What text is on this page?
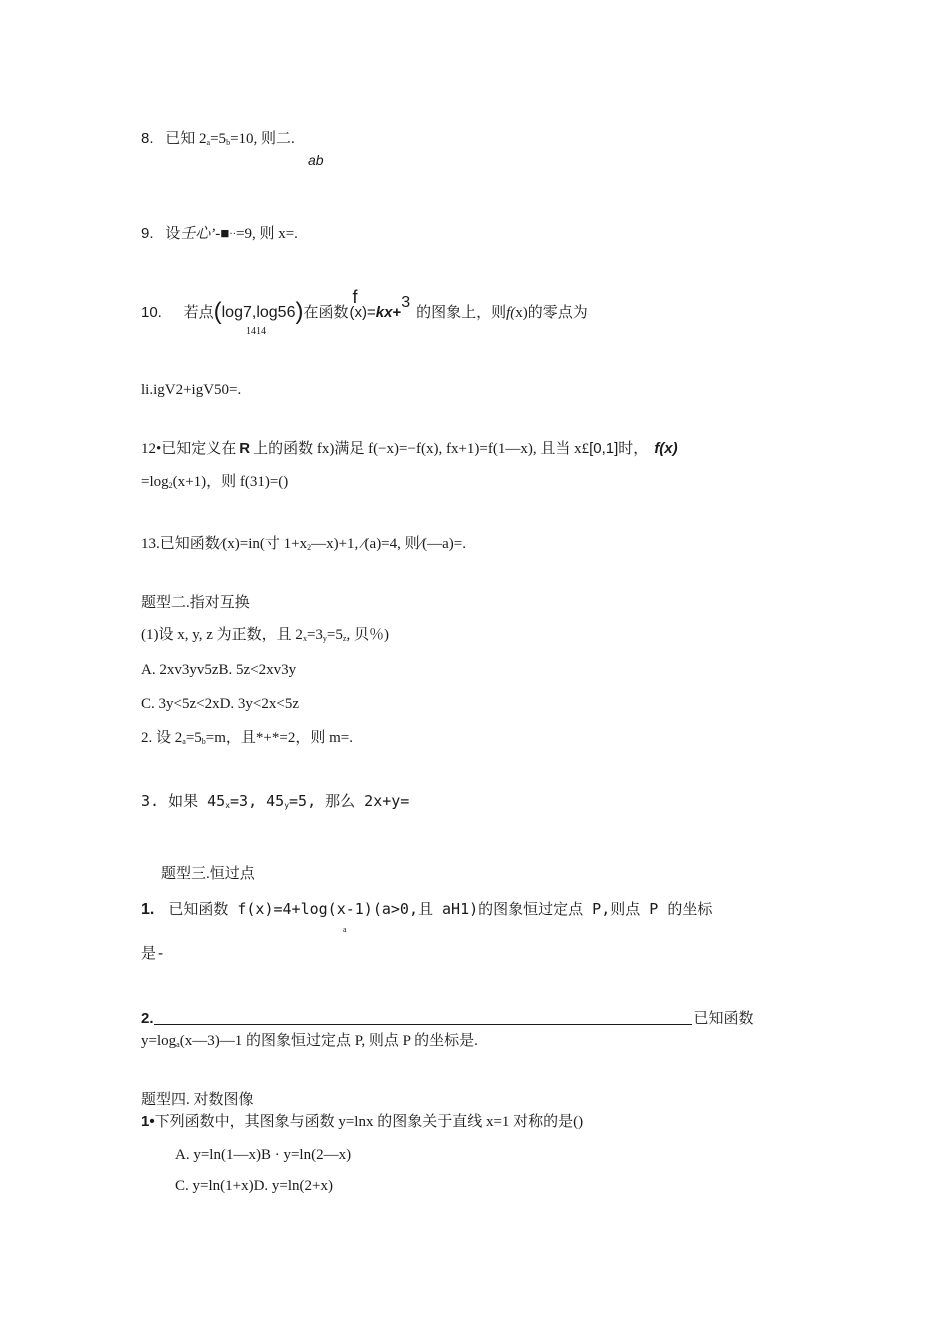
8. 已知 $2_a=5_b=10$, 则二.
ab
9. 设壬心’-■‥=9, 则 x=.
10. 若点(log7,log56)在函数f(x)=kx+3的图象上，则f(x)的零点为
1414
li.igV2+igV50=.
12•已知定义在 R 上的函数 fx)满足 f(−x)=−f(x), fx+1)=f(1—x), 且当 x£[0,1]时， f(x)
$=\log_2(x+1)$，则 f(31)=()
13.已知函数⁄(x)=in(寸 $1+x_2—x)+1$, ⁄(a)=4, 则⁄(—a)=.
题型二.指对互换
(1)设 x, y, z 为正数，且 $2_x=3_y=5_z$, 贝％)
A. 2xv3yv5zB. 5z<2xv3y
C. 3y<5z<2xD. 3y<2x<5z
2. 设 $2_a=5_b=m$，且*+*=2，则 m=.
3. 如果 $45_x=3$, $45_y=5$, 那么 2x+y=
题型三.恒过点
1. 已知函数 f(x)=4+log(x-1)(a>0,且 aH1)的图象恒过定点 P,则点 P 的坐标
a
是-
2.	已知函数
$y=\log_a(x—3)—1$ 的图象恒过定点 P, 则点 P 的坐标是.
题型四. 对数图像
1•下列函数中，其图象与函数 y=lnx 的图象关于直线 x=1 对称的是()
A. y=ln(1—x)B · y=ln(2—x)
C. y=ln(1+x)D. y=ln(2+x)
